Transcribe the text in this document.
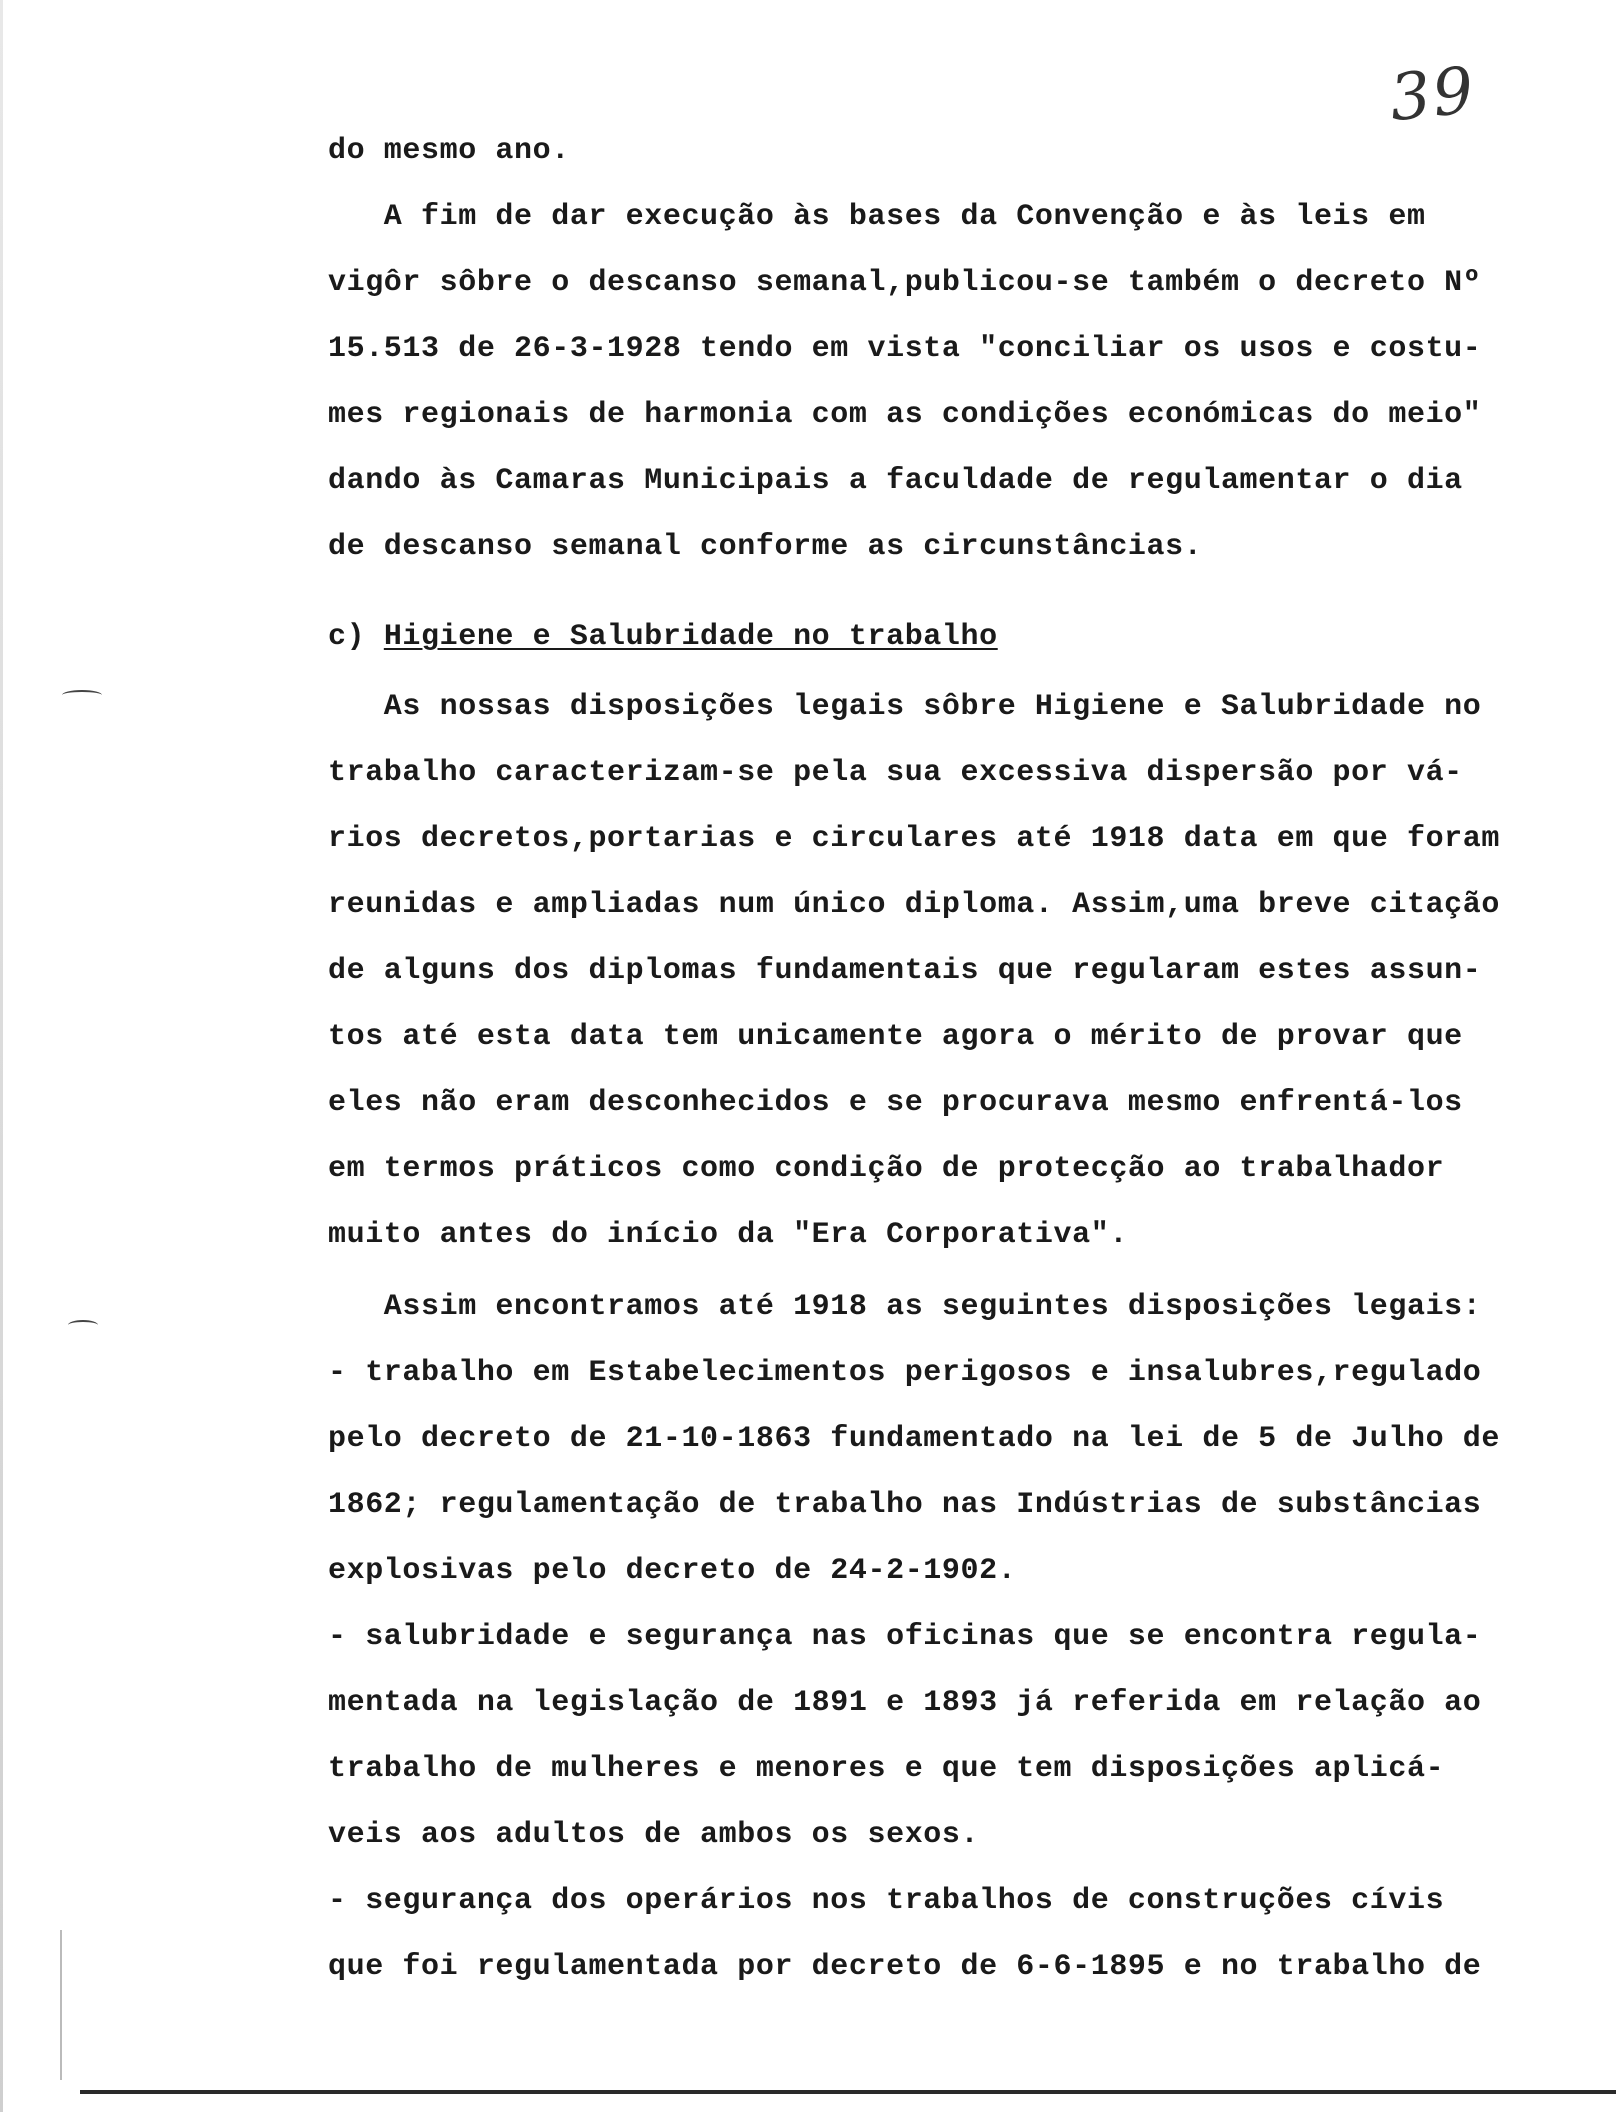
39
do mesmo ano.
A fim de dar execução às bases da Convenção e às leis em
vigôr sôbre o descanso semanal,publicou-se também o decreto Nº
15.513 de 26-3-1928 tendo em vista "conciliar os usos e costu-
mes regionais de harmonia com as condições económicas do meio"
dando às Camaras Municipais a faculdade de regulamentar o dia
de descanso semanal conforme as circunstâncias.
c) Higiene e Salubridade no trabalho
As nossas disposições legais sôbre Higiene e Salubridade no
trabalho caracterizam-se pela sua excessiva dispersão por vá-
rios decretos,portarias e circulares até 1918 data em que foram
reunidas e ampliadas num único diploma. Assim,uma breve citação
de alguns dos diplomas fundamentais que regularam estes assun-
tos até esta data tem unicamente agora o mérito de provar que
eles não eram desconhecidos e se procurava mesmo enfrentá-los
em termos práticos como condição de protecção ao trabalhador
muito antes do início da "Era Corporativa".
Assim encontramos até 1918 as seguintes disposições legais:
- trabalho em Estabelecimentos perigosos e insalubres,regulado
pelo decreto de 21-10-1863 fundamentado na lei de 5 de Julho de
1862; regulamentação de trabalho nas Indústrias de substâncias
explosivas pelo decreto de 24-2-1902.
- salubridade e segurança nas oficinas que se encontra regula-
mentada na legislação de 1891 e 1893 já referida em relação ao
trabalho de mulheres e menores e que tem disposições aplicá-
veis aos adultos de ambos os sexos.
- segurança dos operários nos trabalhos de construções cívis
que foi regulamentada por decreto de 6-6-1895 e no trabalho de
